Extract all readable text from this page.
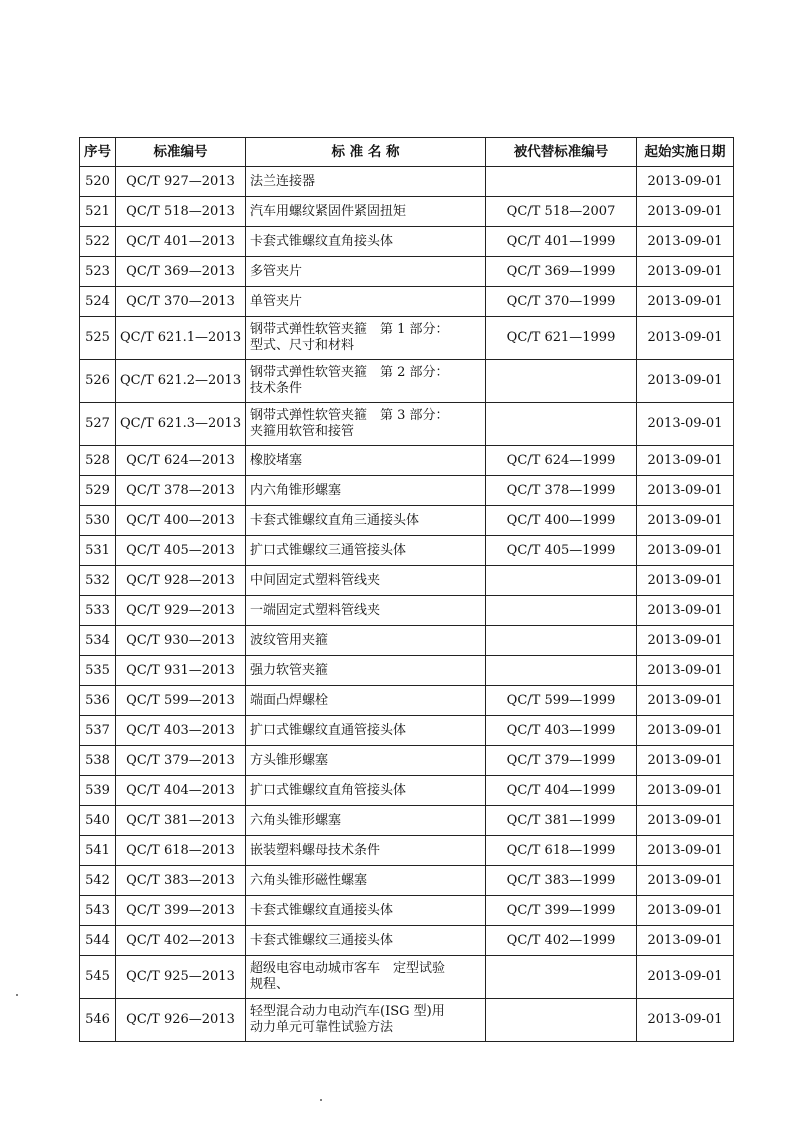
序号	标准编号	标 准 名 称	被代替标准编号	起始实施日期
520	QC/T 927—2013	法兰连接器		2013-09-01
521	QC/T 518—2013	汽车用螺纹紧固件紧固扭矩	QC/T 518—2007	2013-09-01
522	QC/T 401—2013	卡套式锥螺纹直角接头体	QC/T 401—1999	2013-09-01
523	QC/T 369—2013	多管夹片	QC/T 369—1999	2013-09-01
524	QC/T 370—2013	单管夹片	QC/T 370—1999	2013-09-01
525	QC/T 621.1—2013	钢带式弹性软管夹箍　第 1 部分：
型式、尺寸和材料	QC/T 621—1999	2013-09-01
526	QC/T 621.2—2013	钢带式弹性软管夹箍　第 2 部分：
技术条件		2013-09-01
527	QC/T 621.3—2013	钢带式弹性软管夹箍　第 3 部分：
夹箍用软管和接管		2013-09-01
528	QC/T 624—2013	橡胶堵塞	QC/T 624—1999	2013-09-01
529	QC/T 378—2013	内六角锥形螺塞	QC/T 378—1999	2013-09-01
530	QC/T 400—2013	卡套式锥螺纹直角三通接头体	QC/T 400—1999	2013-09-01
531	QC/T 405—2013	扩口式锥螺纹三通管接头体	QC/T 405—1999	2013-09-01
532	QC/T 928—2013	中间固定式塑料管线夹		2013-09-01
533	QC/T 929—2013	一端固定式塑料管线夹		2013-09-01
534	QC/T 930—2013	波纹管用夹箍		2013-09-01
535	QC/T 931—2013	强力软管夹箍		2013-09-01
536	QC/T 599—2013	端面凸焊螺栓	QC/T 599—1999	2013-09-01
537	QC/T 403—2013	扩口式锥螺纹直通管接头体	QC/T 403—1999	2013-09-01
538	QC/T 379—2013	方头锥形螺塞	QC/T 379—1999	2013-09-01
539	QC/T 404—2013	扩口式锥螺纹直角管接头体	QC/T 404—1999	2013-09-01
540	QC/T 381—2013	六角头锥形螺塞	QC/T 381—1999	2013-09-01
541	QC/T 618—2013	嵌装塑料螺母技术条件	QC/T 618—1999	2013-09-01
542	QC/T 383—2013	六角头锥形磁性螺塞	QC/T 383—1999	2013-09-01
543	QC/T 399—2013	卡套式锥螺纹直通接头体	QC/T 399—1999	2013-09-01
544	QC/T 402—2013	卡套式锥螺纹三通接头体	QC/T 402—1999	2013-09-01
545	QC/T 925—2013	超级电容电动城市客车　定型试验
规程、		2013-09-01
546	QC/T 926—2013	轻型混合动力电动汽车(ISG 型)用
动力单元可靠性试验方法		2013-09-01
